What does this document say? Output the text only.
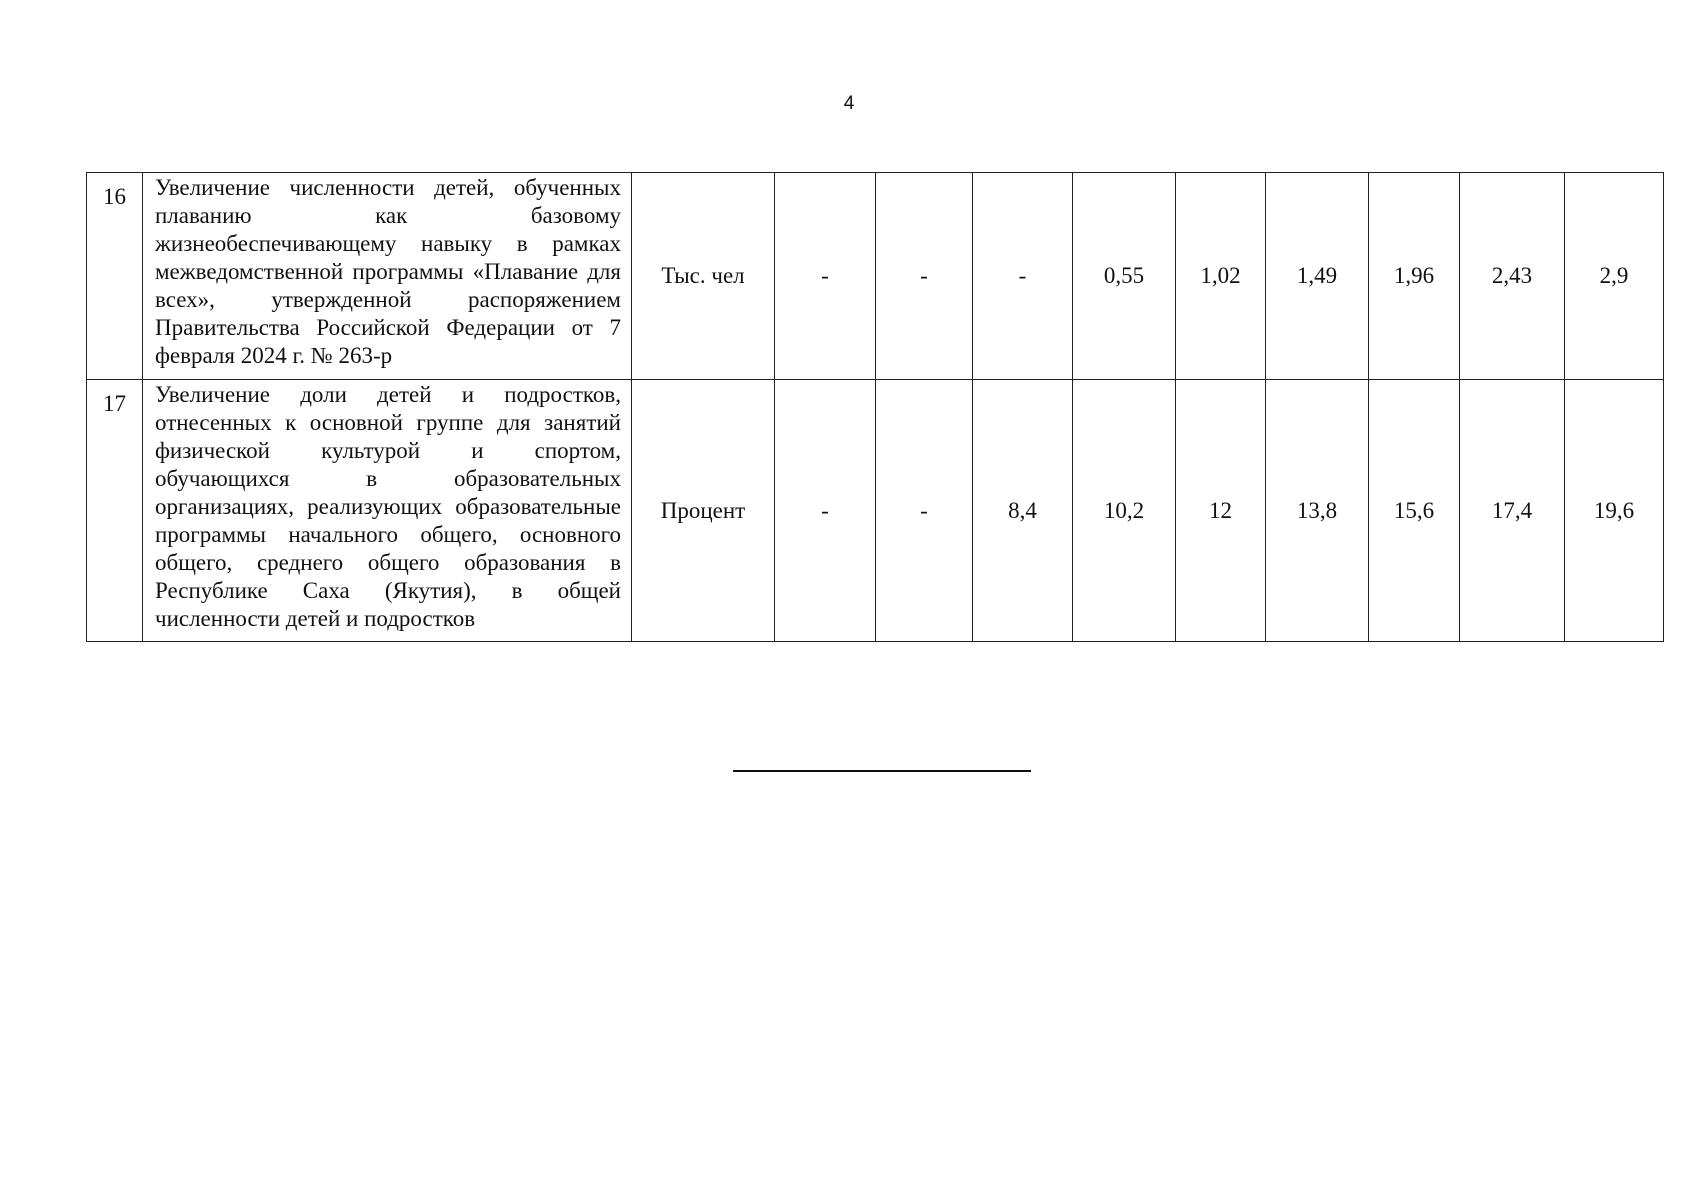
4
16	Увеличение численности детей, обученных плаванию как базовому жизнеобеспечивающему навыку в рамках межведомственной программы «Плавание для всех», утвержденной распоряжением Правительства Российской Федерации от 7 февраля 2024 г. № 263-р	Тыс. чел	-	-	-	0,55	1,02	1,49	1,96	2,43	2,9
17	Увеличение доли детей и подростков, отнесенных к основной группе для занятий физической культурой и спортом, обучающихся в образовательных организациях, реализующих образовательные программы начального общего, основного общего, среднего общего образования в Республике Саха (Якутия), в общей численности детей и подростков	Процент	-	-	8,4	10,2	12	13,8	15,6	17,4	19,6
